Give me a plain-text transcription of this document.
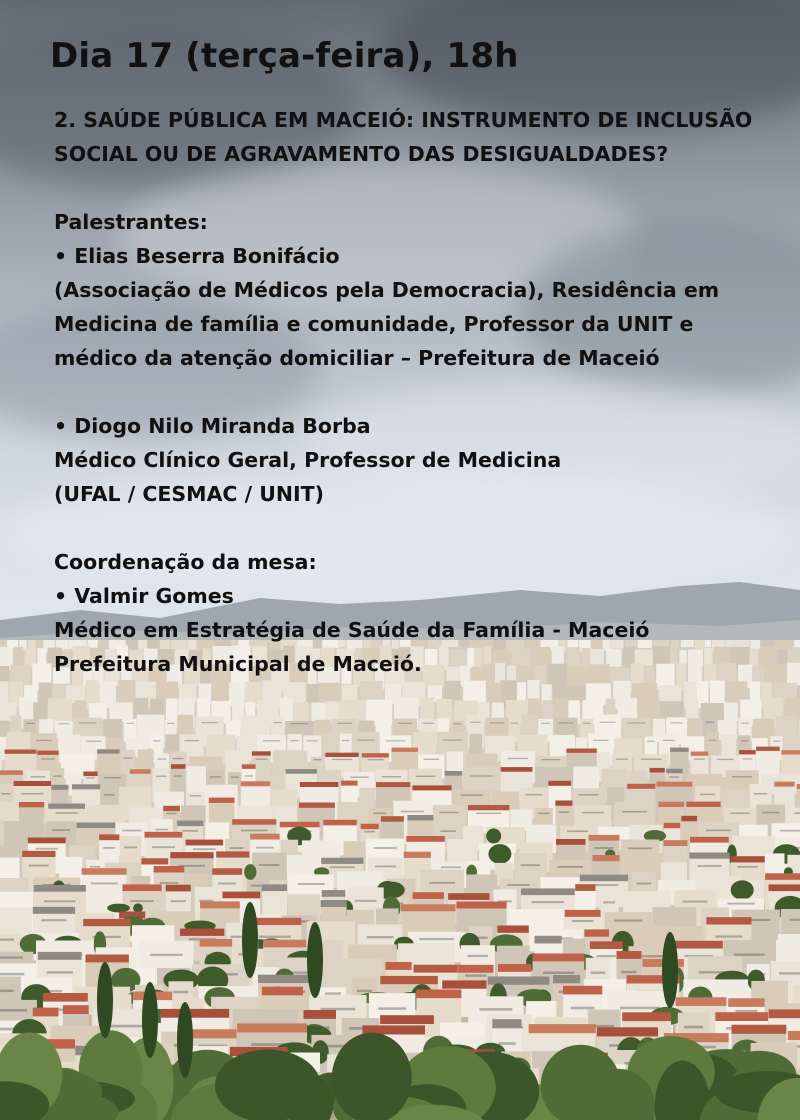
Dia 17 (terça-feira), 18h
2. SAÚDE PÚBLICA EM MACEIÓ: INSTRUMENTO DE INCLUSÃO
SOCIAL OU DE AGRAVAMENTO DAS DESIGUALDADES?
Palestrantes:
• Elias Beserra Bonifácio
(Associação de Médicos pela Democracia), Residência em
Medicina de família e comunidade, Professor da UNIT e
médico da atenção domiciliar – Prefeitura de Maceió
• Diogo Nilo Miranda Borba
Médico Clínico Geral, Professor de Medicina
(UFAL / CESMAC / UNIT)
Coordenação da mesa:
• Valmir Gomes
Médico em Estratégia de Saúde da Família - Maceió
Prefeitura Municipal de Maceió.
